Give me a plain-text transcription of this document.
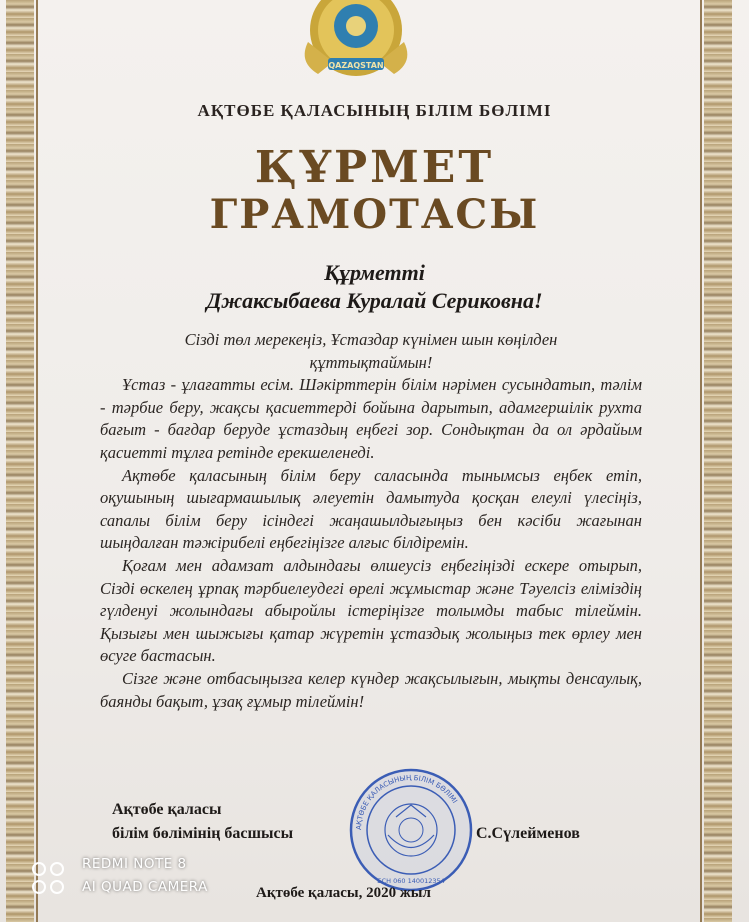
QAZAQSTAN
АҚТӨБЕ ҚАЛАСЫНЫҢ БІЛІМ БӨЛІМІ
ҚҰРМЕТ
ГРАМОТАСЫ
Құрметті
Джаксыбаева Куралай Сериковна!

Сізді төл мерекеңіз, Ұстаздар күнімен шын көңілден

құттықтаймын!

Ұстаз - ұлағатты есім. Шәкірттерін білім нәрімен сусындатып, тәлім - тәрбие беру, жақсы қасиеттерді бойына дарытып, адамгершілік рухта бағыт - бағдар беруде ұстаздың еңбегі зор. Сондықтан да ол әрдайым қасиетті тұлға ретінде ерекшеленеді.

Ақтөбе қаласының білім беру саласында тынымсыз еңбек етіп, оқушының шығармашылық әлеуетін дамытуда қосқан елеулі үлесіңіз, сапалы білім беру ісіндегі жаңашылдығыңыз бен кәсіби жағынан шыңдалған тәжірибелі еңбегіңізге алғыс білдіремін.

Қоғам мен адамзат алдындағы өлшеусіз еңбегіңізді ескере отырып, Сізді өскелең ұрпақ тәрбиелеудегі өрелі жұмыстар және Тәуелсіз еліміздің гүлденуі жолындағы абыройлы істеріңізге толымды табыс тілеймін. Қызығы мен шыжығы қатар жүретін ұстаздық жолыңыз тек өрлеу мен өсуге бастасын.

Сізге және отбасыңызға келер күндер жақсылығын, мықты денсаулық, баянды бақыт, ұзақ ғұмыр тілеймін!

Ақтөбе қаласы
білім бөлімінің басшысы	С.Сүлейменов
АҚТӨБЕ ҚАЛАСЫНЫҢ БІЛІМ БӨЛІМІ
БСН 060 140012354
Ақтөбе қаласы, 2020 жыл
REDMI NOTE 8
AI QUAD CAMERA
